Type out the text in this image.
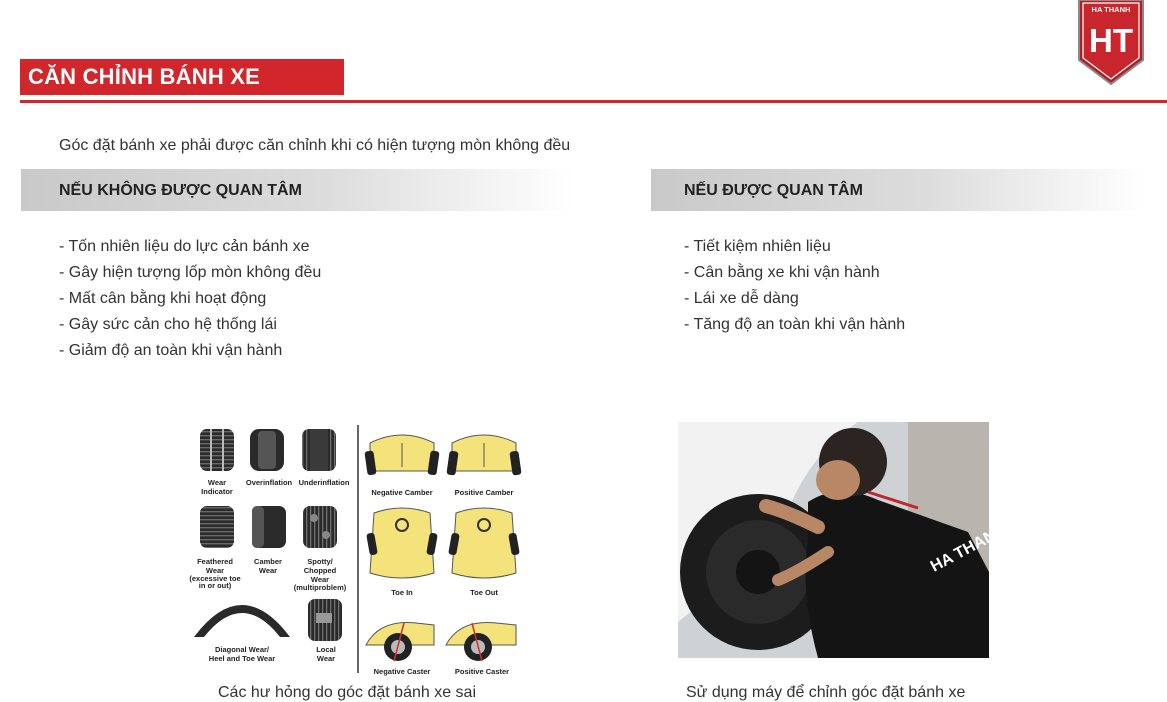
CĂN CHỈNH BÁNH XE
HA THANH
HT
Góc đặt bánh xe phải được căn chỉnh khi có hiện tượng mòn không đều
NẾU KHÔNG ĐƯỢC QUAN TÂM
- Tốn nhiên liệu do lực cản bánh xe
- Gây hiện tượng lốp mòn không đều
- Mất cân bằng khi hoạt động
- Gây sức cản cho hệ thống lái
- Giảm độ an toàn khi vận hành
NẾU ĐƯỢC QUAN TÂM
- Tiết kiệm nhiên liệu
- Cân bằng xe khi vận hành
- Lái xe dễ dàng
- Tăng độ an toàn khi vận hành
Wear
Indicator
Overinflation Underinflation
Feathered
Wear
(excessive toe
in or out)
Camber
Wear
Spotty/
Chopped
Wear
(multiproblem)
Diagonal Wear/
Heel and Toe Wear
Local
Wear
Negative Camber	Positive Camber
Toe In	Toe Out
Negative Caster	Positive Caster
HA THANH
Các hư hỏng do góc đặt bánh xe sai	Sử dụng máy để chỉnh góc đặt bánh xe
